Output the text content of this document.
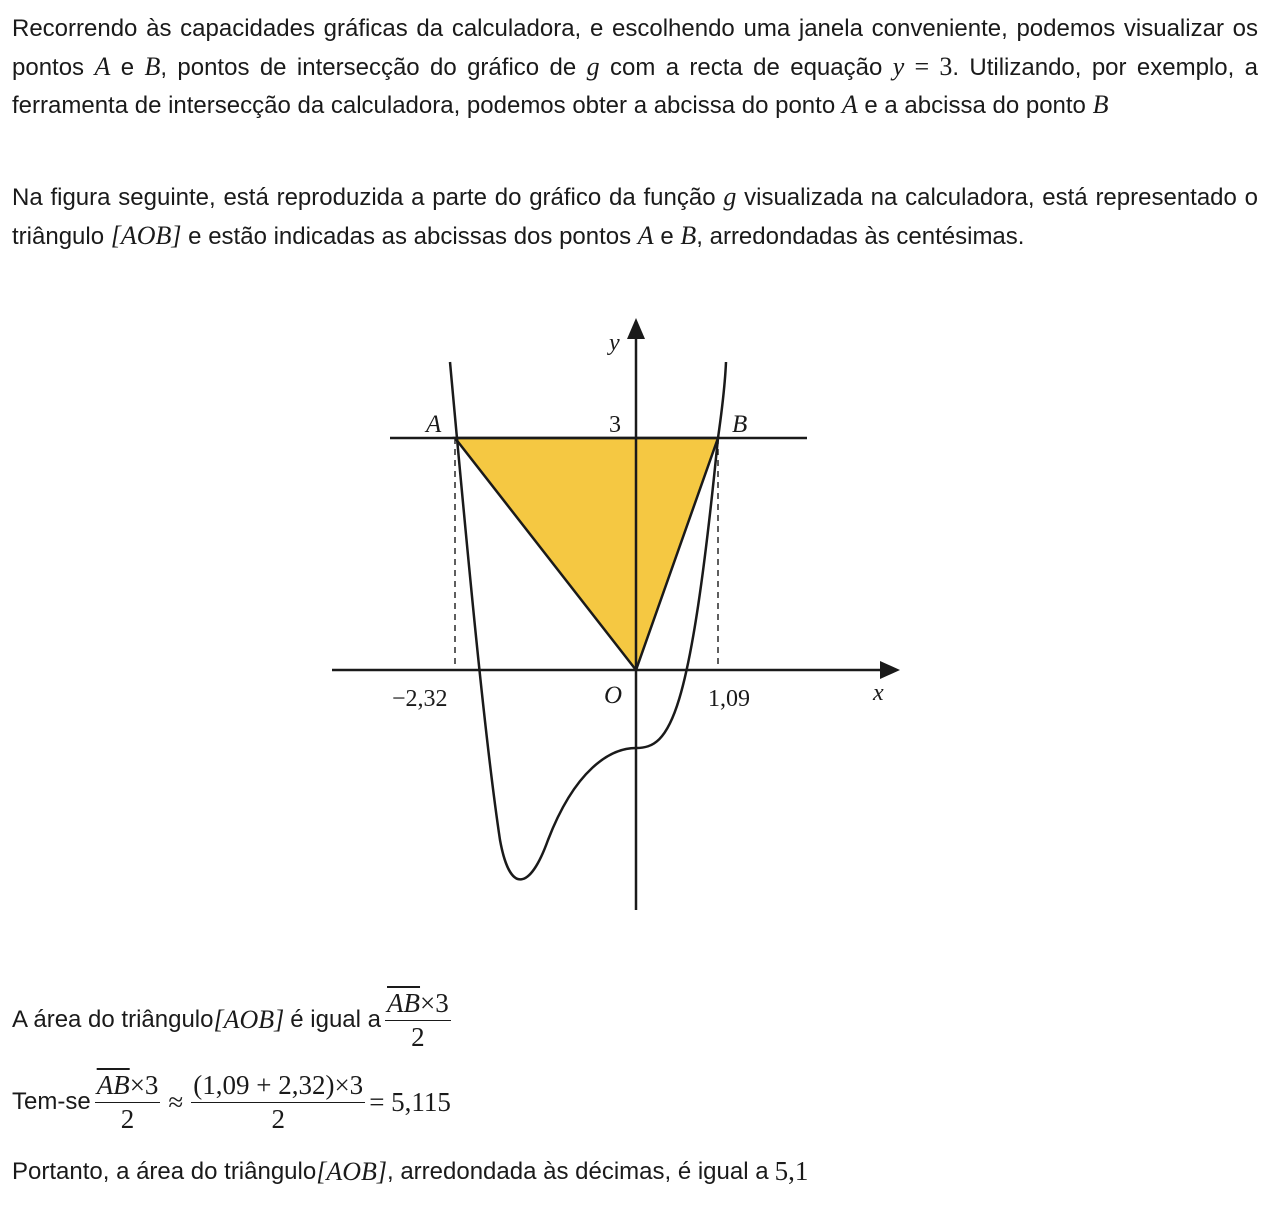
Recorrendo às capacidades gráficas da calculadora, e escolhendo uma janela conveniente, podemos visualizar os pontos A e B, pontos de intersecção do gráfico de g com a recta de equação y = 3. Utilizando, por exemplo, a ferramenta de intersecção da calculadora, podemos obter a abcissa do ponto A e a abcissa do ponto B
Na figura seguinte, está reproduzida a parte do gráfico da função g visualizada na calculadora, está representado o triângulo [AOB] e estão indicadas as abcissas dos pontos A e B, arredondadas às centésimas.
y
x
A	B
3
O
−2,32	1,09
A área do triângulo [AOB] é igual a $\frac{\overline{AB}\times 3}{2}$
$Tem-se \frac{\overline{AB}\times 3}{2} \approx \frac{(1,09 + 2,32)\times 3}{2} = 5,115$
Portanto, a área do triângulo [AOB] , arredondada às décimas, é igual a 5,1
